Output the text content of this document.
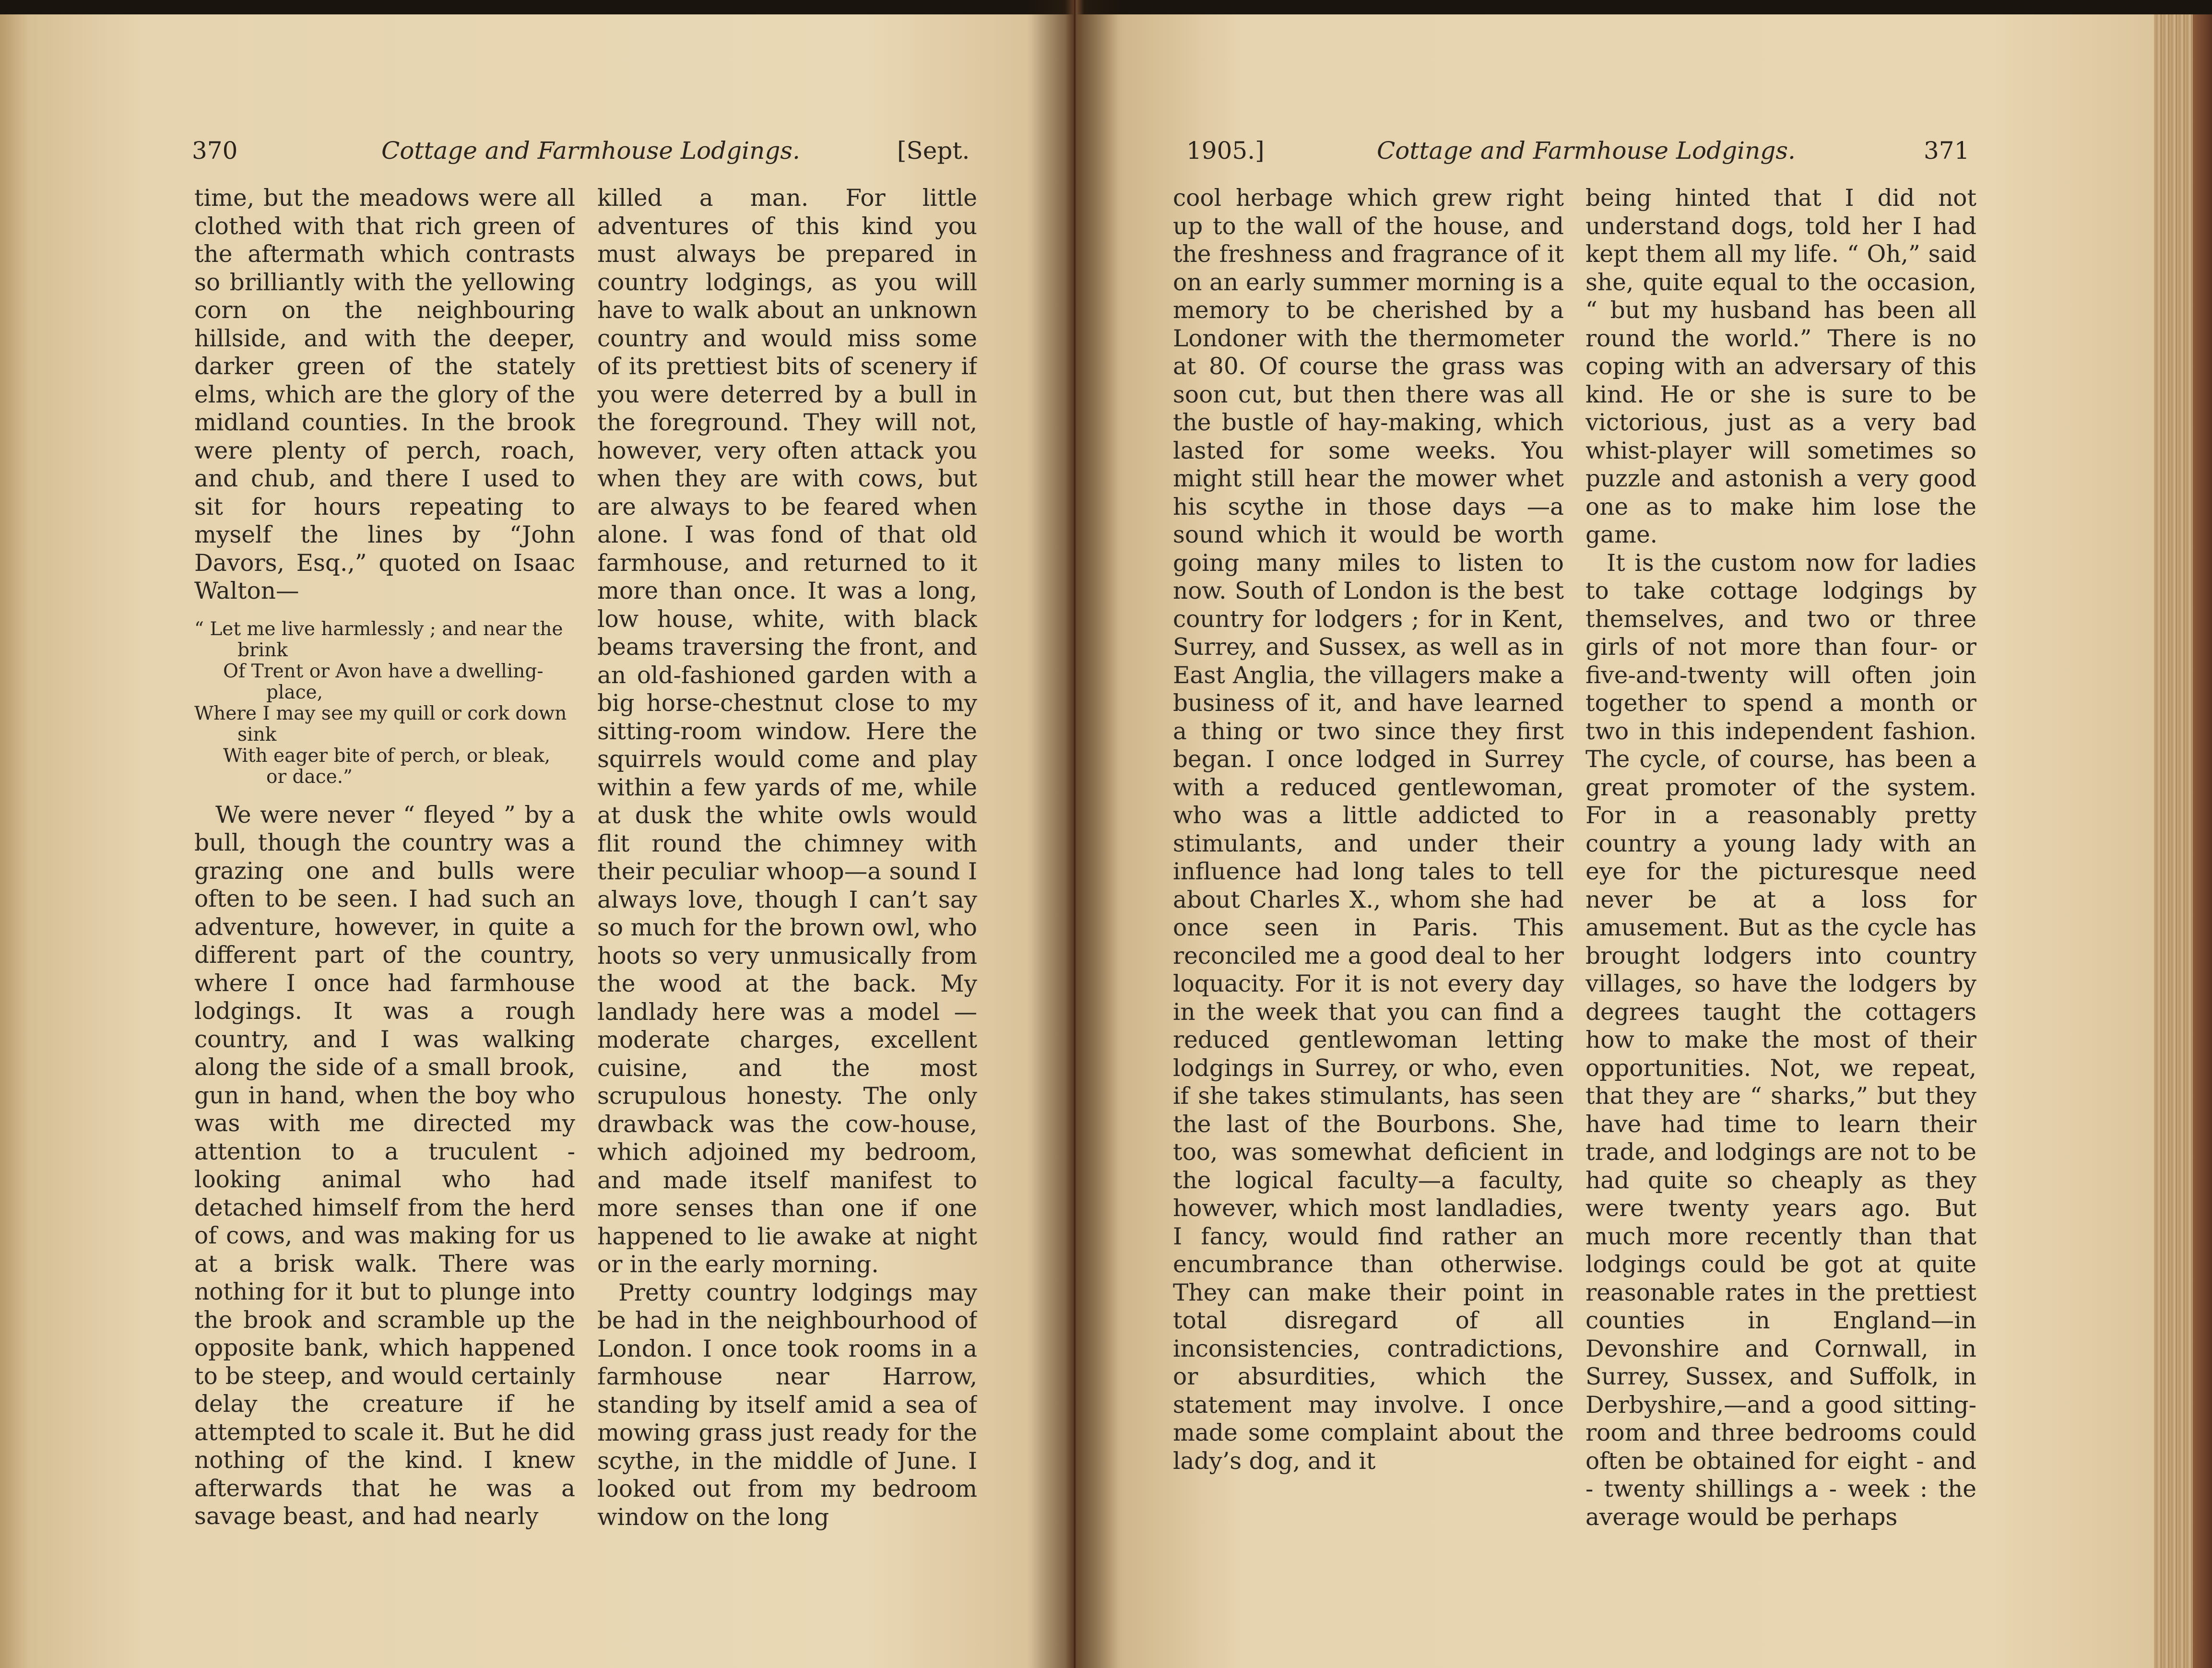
370	Cottage and Farmhouse Lodgings.	[Sept.

time, but the meadows were all clothed with that rich green of the aftermath which contrasts so brilliantly with the yellowing corn on the neighbouring hillside, and with the deeper, darker green of the stately elms, which are the glory of the midland counties. In the brook were plenty of perch, roach, and chub, and there I used to sit for hours repeating to myself the lines by “John Davors, Esq.,” quoted on Isaac Walton—

“ Let me live harmlessly ; and near the brink
Of Trent or Avon have a dwelling-place,
Where I may see my quill or cork down sink
With eager bite of perch, or bleak, or dace.”

We were never “ fleyed ” by a bull, though the country was a grazing one and bulls were often to be seen. I had such an adventure, however, in quite a different part of the country, where I once had farmhouse lodgings. It was a rough country, and I was walking along the side of a small brook, gun in hand, when the boy who was with me directed my attention to a truculent - looking animal who had detached himself from the herd of cows, and was making for us at a brisk walk. There was nothing for it but to plunge into the brook and scramble up the opposite bank, which happened to be steep, and would certainly delay the creature if he attempted to scale it. But he did nothing of the kind. I knew afterwards that he was a savage beast, and had nearly

killed a man. For little adventures of this kind you must always be prepared in country lodgings, as you will have to walk about an unknown country and would miss some of its prettiest bits of scenery if you were deterred by a bull in the foreground. They will not, however, very often attack you when they are with cows, but are always to be feared when alone. I was fond of that old farmhouse, and returned to it more than once. It was a long, low house, white, with black beams traversing the front, and an old-fashioned garden with a big horse-chestnut close to my sitting-room window. Here the squirrels would come and play within a few yards of me, while at dusk the white owls would flit round the chimney with their peculiar whoop—a sound I always love, though I can’t say so much for the brown owl, who hoots so very unmusically from the wood at the back. My landlady here was a model — moderate charges, excellent cuisine, and the most scrupulous honesty. The only drawback was the cow-house, which adjoined my bedroom, and made itself manifest to more senses than one if one happened to lie awake at night or in the early morning.

Pretty country lodgings may be had in the neighbourhood of London. I once took rooms in a farmhouse near Harrow, standing by itself amid a sea of mowing grass just ready for the scythe, in the middle of June. I looked out from my bedroom window on the long

1905.]	Cottage and Farmhouse Lodgings.	371

cool herbage which grew right up to the wall of the house, and the freshness and fragrance of it on an early summer morning is a memory to be cherished by a Londoner with the thermometer at 80. Of course the grass was soon cut, but then there was all the bustle of hay-making, which lasted for some weeks. You might still hear the mower whet his scythe in those days —a sound which it would be worth going many miles to listen to now. South of London is the best country for lodgers ; for in Kent, Surrey, and Sussex, as well as in East Anglia, the villagers make a business of it, and have learned a thing or two since they first began. I once lodged in Surrey with a reduced gentlewoman, who was a little addicted to stimulants, and under their influence had long tales to tell about Charles X., whom she had once seen in Paris. This reconciled me a good deal to her loquacity. For it is not every day in the week that you can find a reduced gentlewoman letting lodgings in Surrey, or who, even if she takes stimulants, has seen the last of the Bourbons. She, too, was somewhat deficient in the logical faculty—a faculty, however, which most landladies, I fancy, would find rather an encumbrance than otherwise. They can make their point in total disregard of all inconsistencies, contradictions, or absurdities, which the statement may involve. I once made some complaint about the lady’s dog, and it

being hinted that I did not understand dogs, told her I had kept them all my life. “ Oh,” said she, quite equal to the occasion, “ but my husband has been all round the world.” There is no coping with an adversary of this kind. He or she is sure to be victorious, just as a very bad whist-player will sometimes so puzzle and astonish a very good one as to make him lose the game.

It is the custom now for ladies to take cottage lodgings by themselves, and two or three girls of not more than four- or five-and-twenty will often join together to spend a month or two in this independent fashion. The cycle, of course, has been a great promoter of the system. For in a reasonably pretty country a young lady with an eye for the picturesque need never be at a loss for amusement. But as the cycle has brought lodgers into country villages, so have the lodgers by degrees taught the cottagers how to make the most of their opportunities. Not, we repeat, that they are “ sharks,” but they have had time to learn their trade, and lodgings are not to be had quite so cheaply as they were twenty years ago. But much more recently than that lodgings could be got at quite reasonable rates in the prettiest counties in England—in Devonshire and Cornwall, in Surrey, Sussex, and Suffolk, in Derbyshire,—and a good sitting-room and three bedrooms could often be obtained for eight - and - twenty shillings a - week : the average would be perhaps
